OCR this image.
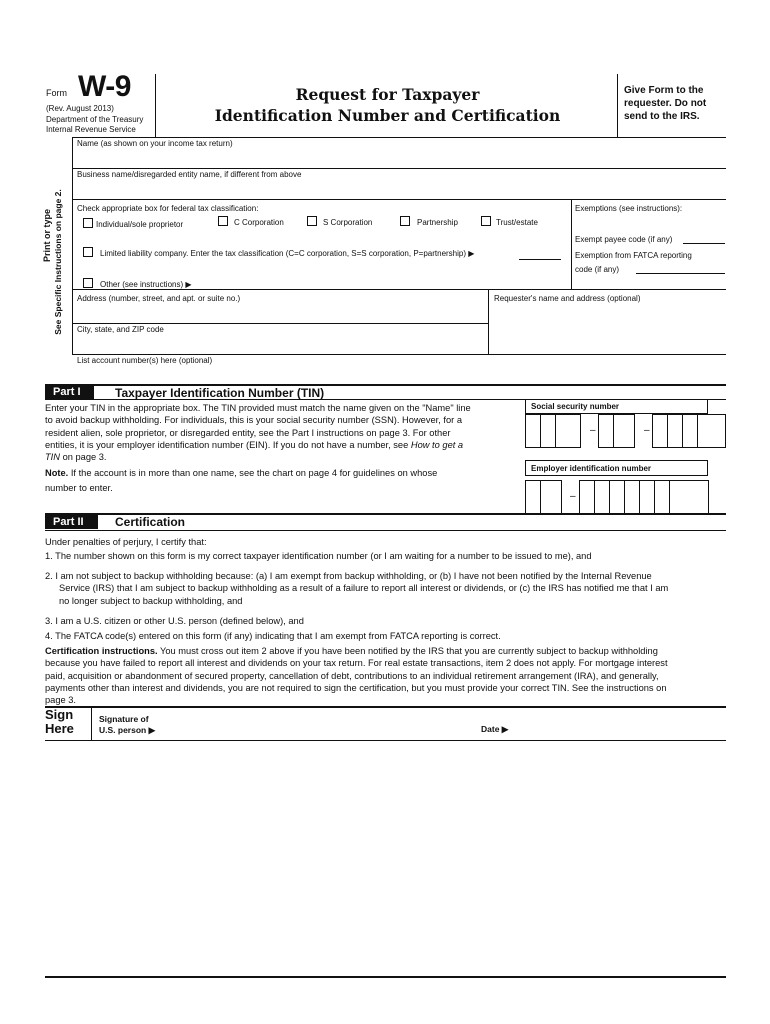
Form W-9
(Rev. August 2013)
Department of the Treasury
Internal Revenue Service
Request for Taxpayer
Identification Number and Certification
Give Form to the requester. Do not send to the IRS.
Print or type See Specific Instructions on page 2.
Name (as shown on your income tax return)
Business name/disregarded entity name, if different from above
Check appropriate box for federal tax classification:
Individual/sole proprietor	C Corporation	S Corporation	Partnership	Trust/estate
Limited liability company. Enter the tax classification (C=C corporation, S=S corporation, P=partnership) ▶
Other (see instructions) ▶
Exemptions (see instructions):
Exempt payee code (if any)
Exemption from FATCA reporting
code (if any)
Address (number, street, and apt. or suite no.)	Requester's name and address (optional)
City, state, and ZIP code
List account number(s) here (optional)
Part I	Taxpayer Identification Number (TIN)
Enter your TIN in the appropriate box. The TIN provided must match the name given on the "Name" line
to avoid backup withholding. For individuals, this is your social security number (SSN). However, for a
resident alien, sole proprietor, or disregarded entity, see the Part I instructions on page 3. For other
entities, it is your employer identification number (EIN). If you do not have a number, see How to get a
TIN on page 3.
Note. If the account is in more than one name, see the chart on page 4 for guidelines on whose
number to enter.
Social security number
–	–
Employer identification number
–
Part II	Certification
Under penalties of perjury, I certify that:
1. The number shown on this form is my correct taxpayer identification number (or I am waiting for a number to be issued to me), and
2. I am not subject to backup withholding because: (a) I am exempt from backup withholding, or (b) I have not been notified by the Internal Revenue
Service (IRS) that I am subject to backup withholding as a result of a failure to report all interest or dividends, or (c) the IRS has notified me that I am
no longer subject to backup withholding, and
3. I am a U.S. citizen or other U.S. person (defined below), and
4. The FATCA code(s) entered on this form (if any) indicating that I am exempt from FATCA reporting is correct.
Certification instructions. You must cross out item 2 above if you have been notified by the IRS that you are currently subject to backup withholding
because you have failed to report all interest and dividends on your tax return. For real estate transactions, item 2 does not apply. For mortgage interest
paid, acquisition or abandonment of secured property, cancellation of debt, contributions to an individual retirement arrangement (IRA), and generally,
payments other than interest and dividends, you are not required to sign the certification, but you must provide your correct TIN. See the instructions on
page 3.
Sign
Here
Signature of
U.S. person ▶	Date ▶
